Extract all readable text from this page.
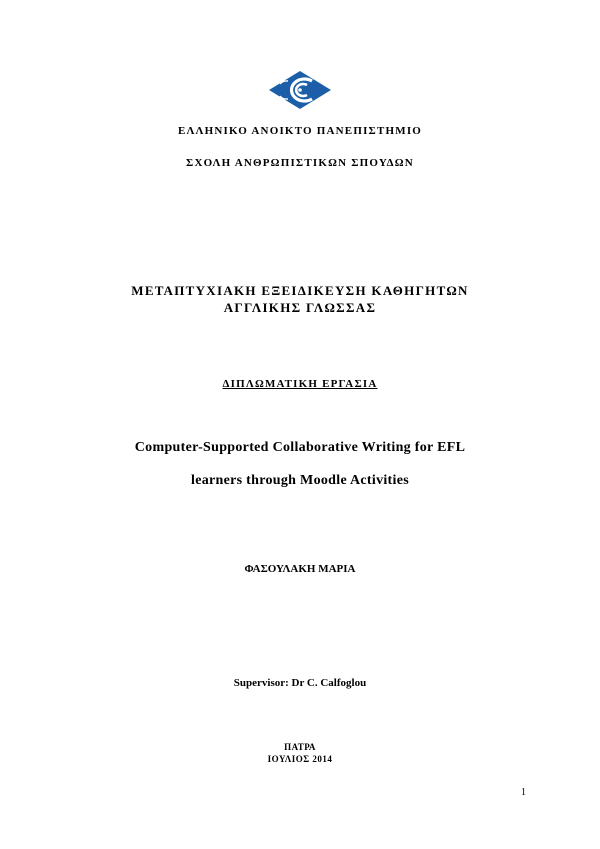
ΕΛΛΗΝΙΚΟ ΑΝΟΙΚΤΟ ΠΑΝΕΠΙΣΤΗΜΙΟ
ΣΧΟΛΗ ΑΝΘΡΩΠΙΣΤΙΚΩΝ ΣΠΟΥΔΩΝ
ΜΕΤΑΠΤΥΧΙΑΚΗ ΕΞΕΙΔΙΚΕΥΣΗ ΚΑΘΗΓΗΤΩΝ
ΑΓΓΛΙΚΗΣ ΓΛΩΣΣΑΣ
ΔΙΠΛΩΜΑΤΙΚΗ ΕΡΓΑΣΙΑ
Computer-Supported Collaborative Writing for EFL
learners through Moodle Activities
ΦΑΣΟΥΛΑΚΗ ΜΑΡΙΑ
Supervisor: Dr C. Calfoglou
ΠΑΤΡΑ
ΙΟΥΛΙΟΣ 2014
1
